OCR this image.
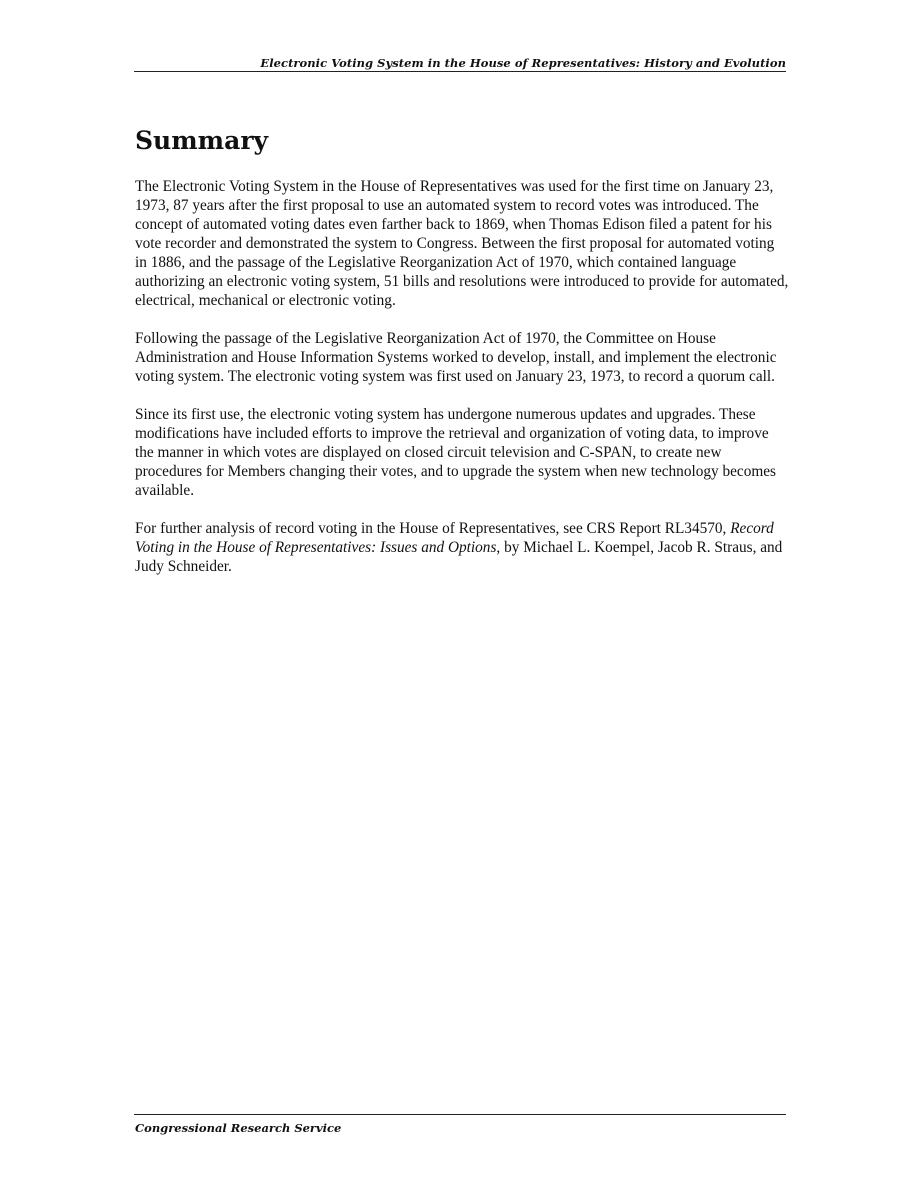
Electronic Voting System in the House of Representatives: History and Evolution
Summary

The Electronic Voting System in the House of Representatives was used for the first time on January 23, 1973, 87 years after the first proposal to use an automated system to record votes was introduced. The concept of automated voting dates even farther back to 1869, when Thomas Edison filed a patent for his vote recorder and demonstrated the system to Congress. Between the first proposal for automated voting in 1886, and the passage of the Legislative Reorganization Act of 1970, which contained language authorizing an electronic voting system, 51 bills and resolutions were introduced to provide for automated, electrical, mechanical or electronic voting.

Following the passage of the Legislative Reorganization Act of 1970, the Committee on House Administration and House Information Systems worked to develop, install, and implement the electronic voting system. The electronic voting system was first used on January 23, 1973, to record a quorum call.

Since its first use, the electronic voting system has undergone numerous updates and upgrades. These modifications have included efforts to improve the retrieval and organization of voting data, to improve the manner in which votes are displayed on closed circuit television and C-SPAN, to create new procedures for Members changing their votes, and to upgrade the system when new technology becomes available.

For further analysis of record voting in the House of Representatives, see CRS Report RL34570, Record Voting in the House of Representatives: Issues and Options, by Michael L. Koempel, Jacob R. Straus, and Judy Schneider.

Congressional Research Service
